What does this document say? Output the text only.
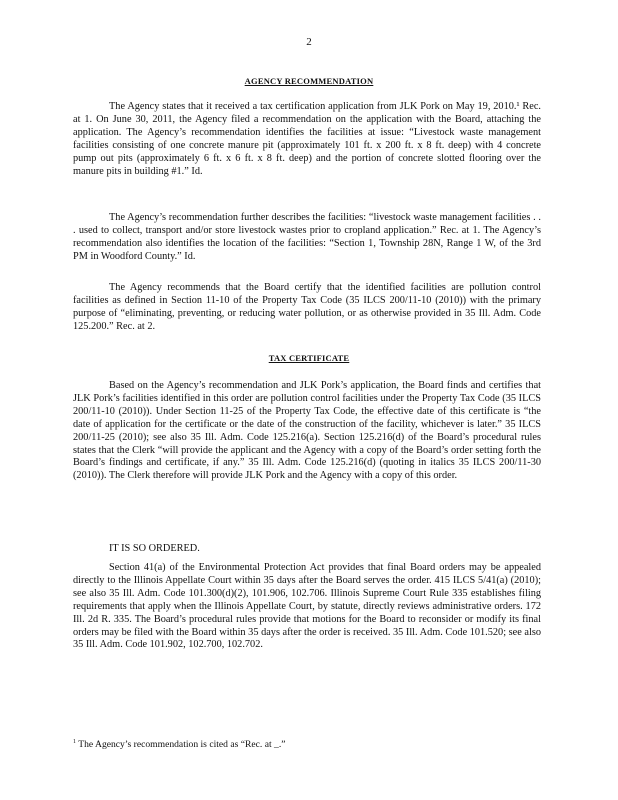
2
AGENCY RECOMMENDATION

The Agency states that it received a tax certification application from JLK Pork on May 19, 2010.¹ Rec. at 1. On June 30, 2011, the Agency filed a recommendation on the application with the Board, attaching the application. The Agency’s recommendation identifies the facilities at issue: “Livestock waste management facilities consisting of one concrete manure pit (approximately 101 ft. x 200 ft. x 8 ft. deep) with 4 concrete pump out pits (approximately 6 ft. x 6 ft. x 8 ft. deep) and the portion of concrete slotted flooring over the manure pits in building #1.” Id.

The Agency’s recommendation further describes the facilities: “livestock waste management facilities . . . used to collect, transport and/or store livestock wastes prior to cropland application.” Rec. at 1. The Agency’s recommendation also identifies the location of the facilities: “Section 1, Township 28N, Range 1 W, of the 3rd PM in Woodford County.” Id.

The Agency recommends that the Board certify that the identified facilities are pollution control facilities as defined in Section 11-10 of the Property Tax Code (35 ILCS 200/11-10 (2010)) with the primary purpose of “eliminating, preventing, or reducing water pollution, or as otherwise provided in 35 Ill. Adm. Code 125.200.” Rec. at 2.

TAX CERTIFICATE

Based on the Agency’s recommendation and JLK Pork’s application, the Board finds and certifies that JLK Pork’s facilities identified in this order are pollution control facilities under the Property Tax Code (35 ILCS 200/11-10 (2010)). Under Section 11-25 of the Property Tax Code, the effective date of this certificate is “the date of application for the certificate or the date of the construction of the facility, whichever is later.” 35 ILCS 200/11-25 (2010); see also 35 Ill. Adm. Code 125.216(a). Section 125.216(d) of the Board’s procedural rules states that the Clerk “will provide the applicant and the Agency with a copy of the Board’s order setting forth the Board’s findings and certificate, if any.” 35 Ill. Adm. Code 125.216(d) (quoting in italics 35 ILCS 200/11-30 (2010)). The Clerk therefore will provide JLK Pork and the Agency with a copy of this order.

IT IS SO ORDERED.

Section 41(a) of the Environmental Protection Act provides that final Board orders may be appealed directly to the Illinois Appellate Court within 35 days after the Board serves the order. 415 ILCS 5/41(a) (2010); see also 35 Ill. Adm. Code 101.300(d)(2), 101.906, 102.706. Illinois Supreme Court Rule 335 establishes filing requirements that apply when the Illinois Appellate Court, by statute, directly reviews administrative orders. 172 Ill. 2d R. 335. The Board’s procedural rules provide that motions for the Board to reconsider or modify its final orders may be filed with the Board within 35 days after the order is received. 35 Ill. Adm. Code 101.520; see also 35 Ill. Adm. Code 101.902, 102.700, 102.702.

$^1$ The Agency’s recommendation is cited as “Rec. at _.”
